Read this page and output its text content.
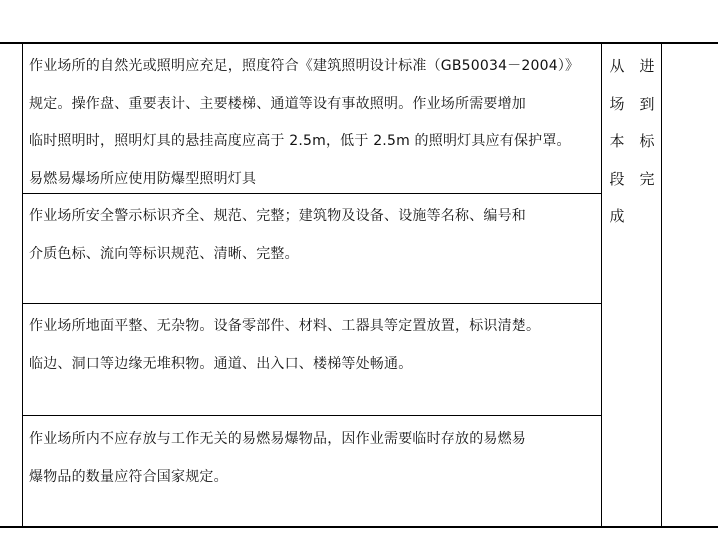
作业场所的自然光或照明应充足，照度符合《建筑照明设计标准（GB50034－2004）》

规定。操作盘、重要表计、主要楼梯、通道等设有事故照明。作业场所需要增加

临时照明时，照明灯具的悬挂高度应高于 2.5m，低于 2.5m 的照明灯具应有保护罩。

易燃易爆场所应使用防爆型照明灯具

作业场所安全警示标识齐全、规范、完整；建筑物及设备、设施等名称、编号和

介质色标、流向等标识规范、清晰、完整。

作业场所地面平整、无杂物。设备零部件、材料、工器具等定置放置，标识清楚。

临边、洞口等边缘无堆积物。通道、出入口、楼梯等处畅通。

作业场所内不应存放与工作无关的易燃易爆物品，因作业需要临时存放的易燃易

爆物品的数量应符合国家规定。

从
场
本
段
成
进
到
标
完
